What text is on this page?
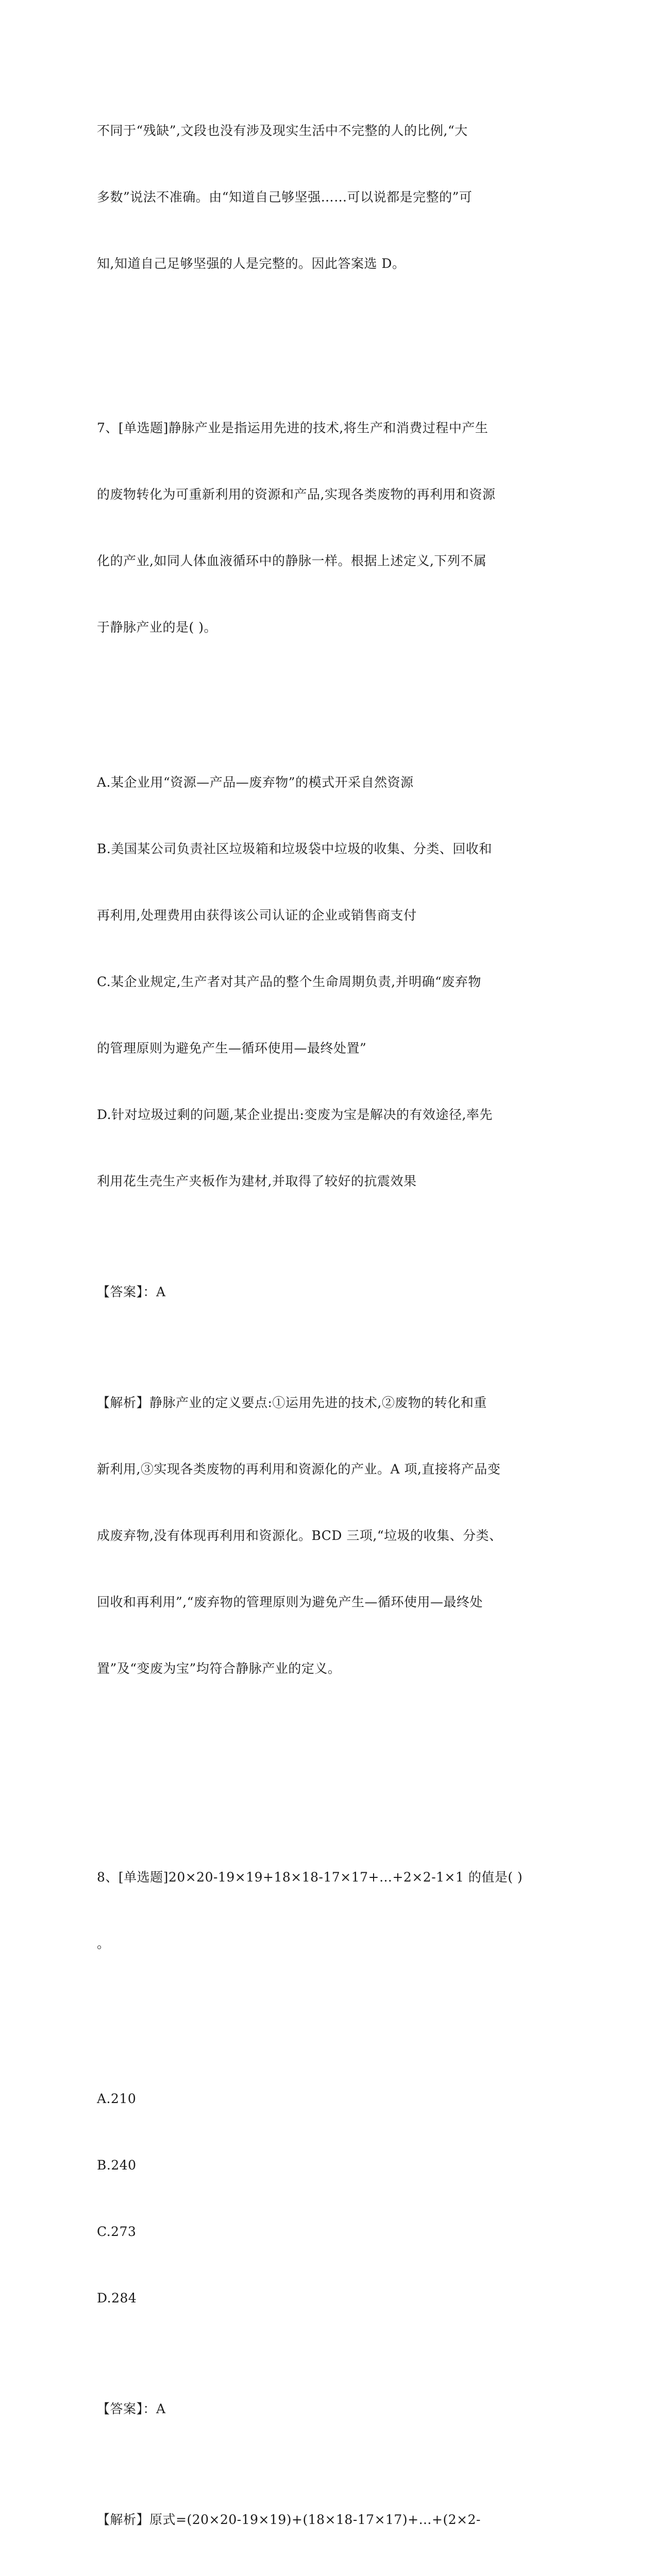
不同于“残缺”,文段也没有涉及现实生活中不完整的人的比例,“大

多数”说法不准确。由“知道自己够坚强……可以说都是完整的”可

知,知道自己足够坚强的人是完整的。因此答案选 D。

7、[单选题]静脉产业是指运用先进的技术,将生产和消费过程中产生

的废物转化为可重新利用的资源和产品,实现各类废物的再利用和资源

化的产业,如同人体血液循环中的静脉一样。根据上述定义,下列不属

于静脉产业的是( )。

A.某企业用“资源—产品—废弃物”的模式开采自然资源

B.美国某公司负责社区垃圾箱和垃圾袋中垃圾的收集、分类、回收和

再利用,处理费用由获得该公司认证的企业或销售商支付

C.某企业规定,生产者对其产品的整个生命周期负责,并明确“废弃物

的管理原则为避免产生—循环使用—最终处置”

D.针对垃圾过剩的问题,某企业提出:变废为宝是解决的有效途径,率先

利用花生壳生产夹板作为建材,并取得了较好的抗震效果

【答案】：A

【解析】静脉产业的定义要点:①运用先进的技术,②废物的转化和重

新利用,③实现各类废物的再利用和资源化的产业。A 项,直接将产品变

成废弃物,没有体现再利用和资源化。BCD 三项,“垃圾的收集、分类、

回收和再利用”,“废弃物的管理原则为避免产生—循环使用—最终处

置”及“变废为宝”均符合静脉产业的定义。

8、[单选题]20×20-19×19+18×18-17×17+…+2×2-1×1 的值是( )

。

A.210

B.240

C.273

D.284

【答案】：A

【解析】原式=(20×20-19×19)+(18×18-17×17)+…+(2×2-
